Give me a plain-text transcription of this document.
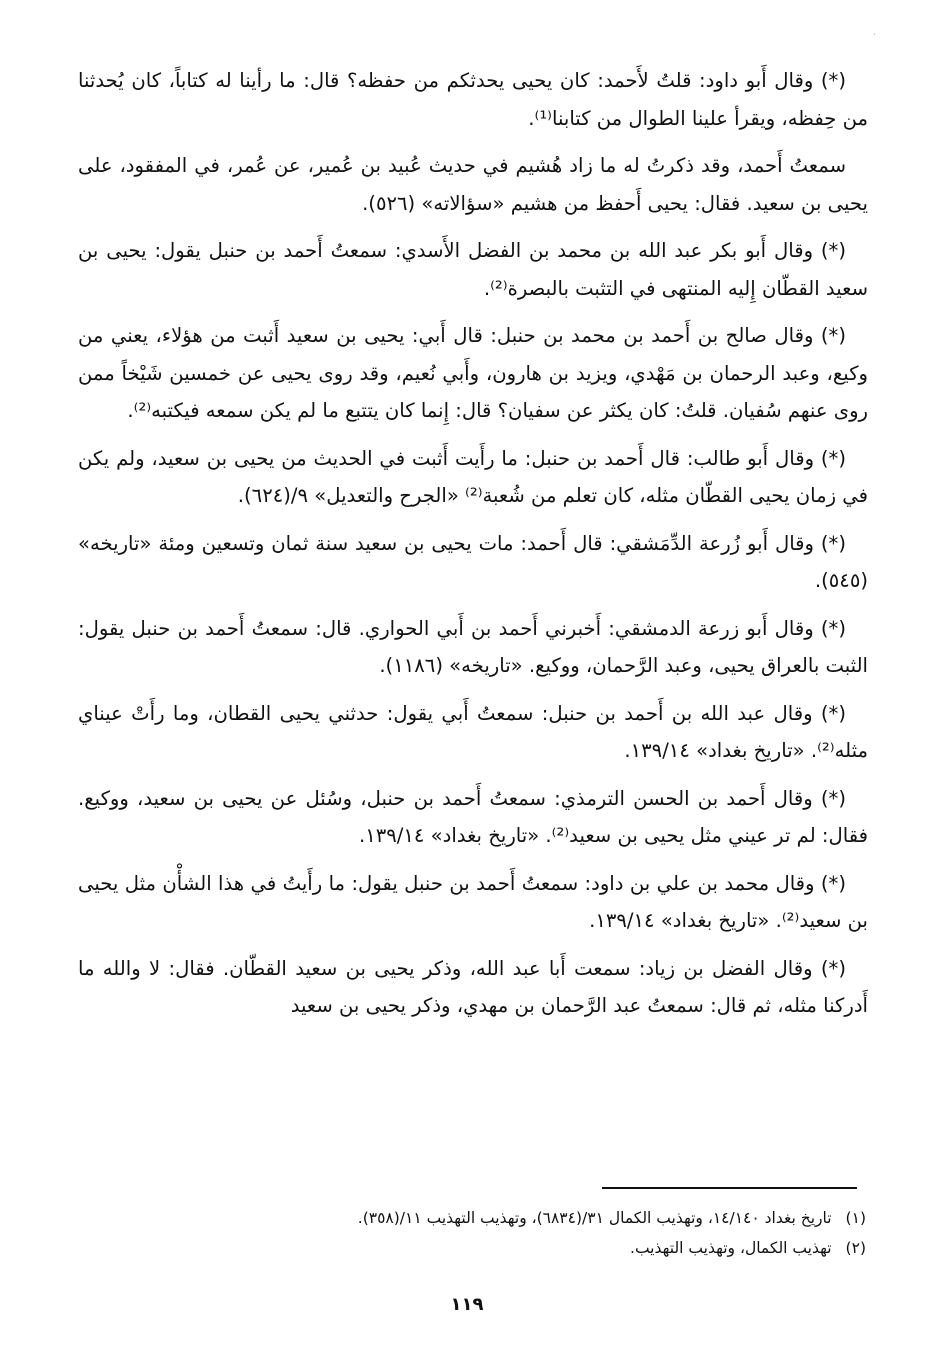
·

(*) وقال أَبو داود: قلتُ لأَحمد: كان يحيى يحدثكم من حفظه؟ قال: ما رأينا له كتاباً، كان يُحدثنا من حِفظه، ويقرأ علينا الطوال من كتابنا⁽¹⁾.

سمعتُ أَحمد، وقد ذكرتُ له ما زاد هُشيم في حديث عُبيد بن عُمير، عن عُمر، في المفقود، على يحيى بن سعيد. فقال: يحيى أَحفظ من هشيم «سؤالاته» (٥٢٦).

(*) وقال أَبو بكر عبد الله بن محمد بن الفضل الأَسدي: سمعتُ أَحمد بن حنبل يقول: يحيى بن سعيد القطّان إِليه المنتهى في التثبت بالبصرة⁽²⁾.

(*) وقال صالح بن أَحمد بن محمد بن حنبل: قال أَبي: يحيى بن سعيد أَثبت من هؤلاء، يعني من وكيع، وعبد الرحمان بن مَهْدي، ويزيد بن هارون، وأَبي نُعيم، وقد روى يحيى عن خمسين شَيْخاً ممن روى عنهم سُفيان. قلتُ: كان يكثر عن سفيان؟ قال: إِنما كان يتتبع ما لم يكن سمعه فيكتبه⁽²⁾.

(*) وقال أَبو طالب: قال أَحمد بن حنبل: ما رأَيت أَثبت في الحديث من يحيى بن سعيد، ولم يكن في زمان يحيى القطّان مثله، كان تعلم من شُعبة⁽²⁾ «الجرح والتعديل» ٩/(٦٢٤).

(*) وقال أَبو زُرعة الدِّمَشقي: قال أَحمد: مات يحيى بن سعيد سنة ثمان وتسعين ومئة «تاريخه» (٥٤٥).

(*) وقال أَبو زرعة الدمشقي: أَخبرني أَحمد بن أَبي الحواري. قال: سمعتُ أَحمد بن حنبل يقول: الثبت بالعراق يحيى، وعبد الرَّحمان، ووكيع. «تاريخه» (١١٨٦).

(*) وقال عبد الله بن أَحمد بن حنبل: سمعتُ أَبي يقول: حدثني يحيى القطان، وما رأَتْ عيناي مثله⁽²⁾. «تاريخ بغداد» ١٣٩/١٤.

(*) وقال أَحمد بن الحسن الترمذي: سمعتُ أَحمد بن حنبل، وسُئل عن يحيى بن سعيد، ووكيع. فقال: لم تر عيني مثل يحيى بن سعيد⁽²⁾. «تاريخ بغداد» ١٣٩/١٤.

(*) وقال محمد بن علي بن داود: سمعتُ أَحمد بن حنبل يقول: ما رأَيتُ في هذا الشأْن مثل يحيى بن سعيد⁽²⁾. «تاريخ بغداد» ١٣٩/١٤.

(*) وقال الفضل بن زياد: سمعت أَبا عبد الله، وذكر يحيى بن سعيد القطّان. فقال: لا والله ما أَدركنا مثله، ثم قال: سمعتُ عبد الرَّحمان بن مهدي، وذكر يحيى بن سعيد

(١)
تاريخ بغداد ١٤/١٤٠، وتهذيب الكمال ٣١/(٦٨٣٤)، وتهذيب التهذيب ١١/(٣٥٨).
(٢)
تهذيب الكمال، وتهذيب التهذيب.
١١٩
